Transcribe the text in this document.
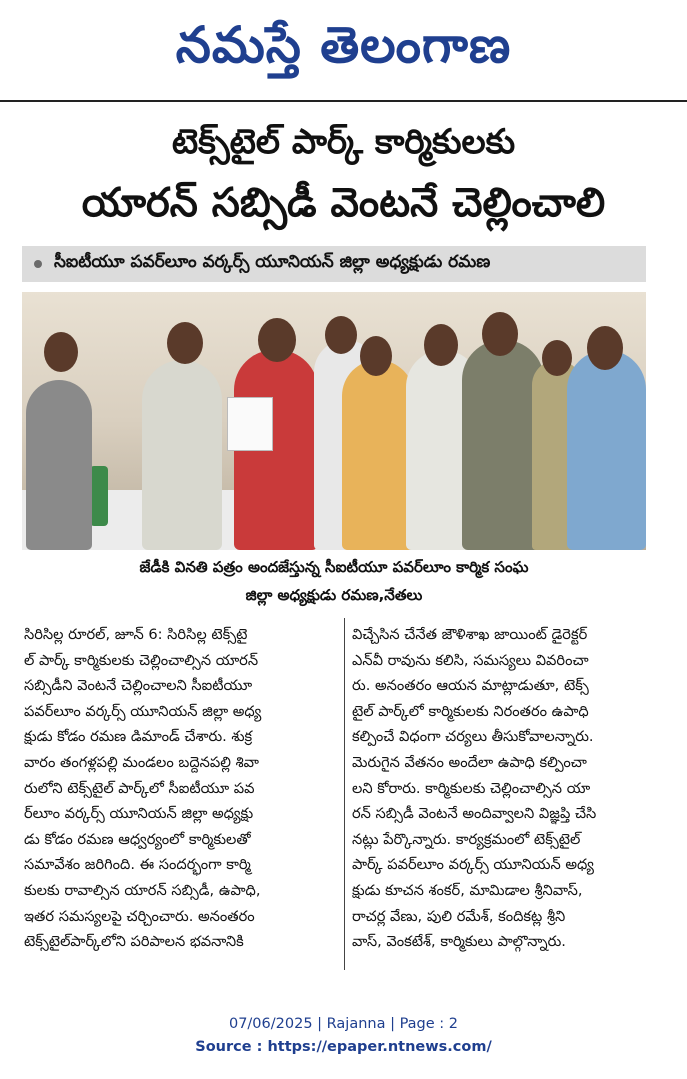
నమస్తే తెలంగాణ
టెక్స్‌టైల్ పార్క్ కార్మికులకు
యారన్ సబ్సిడీ వెంటనే చెల్లించాలి
సీఐటీయూ పవర్‌లూం వర్కర్స్ యూనియన్ జిల్లా అధ్యక్షుడు రమణ
జేడీకి వినతి పత్రం అందజేస్తున్న సీఐటీయూ పవర్‌లూం కార్మిక సంఘ
జిల్లా అధ్యక్షుడు రమణ,నేతలు
సిరిసిల్ల రూరల్, జూన్ 6: సిరిసిల్ల టెక్స్‌టై
ల్ పార్క్ కార్మికులకు చెల్లించాల్సిన యారన్
సబ్సిడీని వెంటనే చెల్లించాలని సీఐటీయూ
పవర్‌లూం వర్కర్స్ యూనియన్ జిల్లా అధ్య
క్షుడు కోడం రమణ డిమాండ్ చేశారు. శుక్ర
వారం తంగళ్లపల్లి మండలం బద్దెనపల్లి శివా
రులోని టెక్స్‌టైల్ పార్క్‌లో సీఐటీయూ పవ
ర్‌లూం వర్కర్స్ యూనియన్ జిల్లా అధ్యక్షు
డు కోడం రమణ ఆధ్వర్యంలో కార్మికులతో
సమావేశం జరిగింది. ఈ సందర్భంగా కార్మి
కులకు రావాల్సిన యారన్ సబ్సిడీ, ఉపాధి,
ఇతర సమస్యలపై చర్చించారు. అనంతరం
టెక్స్‌టైల్‌పార్క్‌లోని పరిపాలన భవనానికి
విచ్చేసిన చేనేత జౌళిశాఖ జాయింట్ డైరెక్టర్
ఎన్‌వీ రావును కలిసి, సమస్యలు వివరించా
రు. అనంతరం ఆయన మాట్లాడుతూ, టెక్స్
టైల్ పార్క్‌లో కార్మికులకు నిరంతరం ఉపాధి
కల్పించే విధంగా చర్యలు తీసుకోవాలన్నారు.
మెరుగైన వేతనం అందేలా ఉపాధి కల్పించా
లని కోరారు. కార్మికులకు చెల్లించాల్సిన యా
రన్ సబ్సిడీ వెంటనే అందివ్వాలని విజ్ఞప్తి చేసి
నట్లు పేర్కొన్నారు. కార్యక్రమంలో టెక్స్‌టైల్
పార్క్ పవర్‌లూం వర్కర్స్ యూనియన్ అధ్య
క్షుడు కూచన శంకర్, మామిడాల శ్రీనివాస్,
రాచర్ల వేణు, పులి రమేశ్, కందికట్ల శ్రీని
వాస్, వెంకటేశ్, కార్మికులు పాల్గొన్నారు.
07/06/2025 | Rajanna | Page : 2
Source : https://epaper.ntnews.com/
